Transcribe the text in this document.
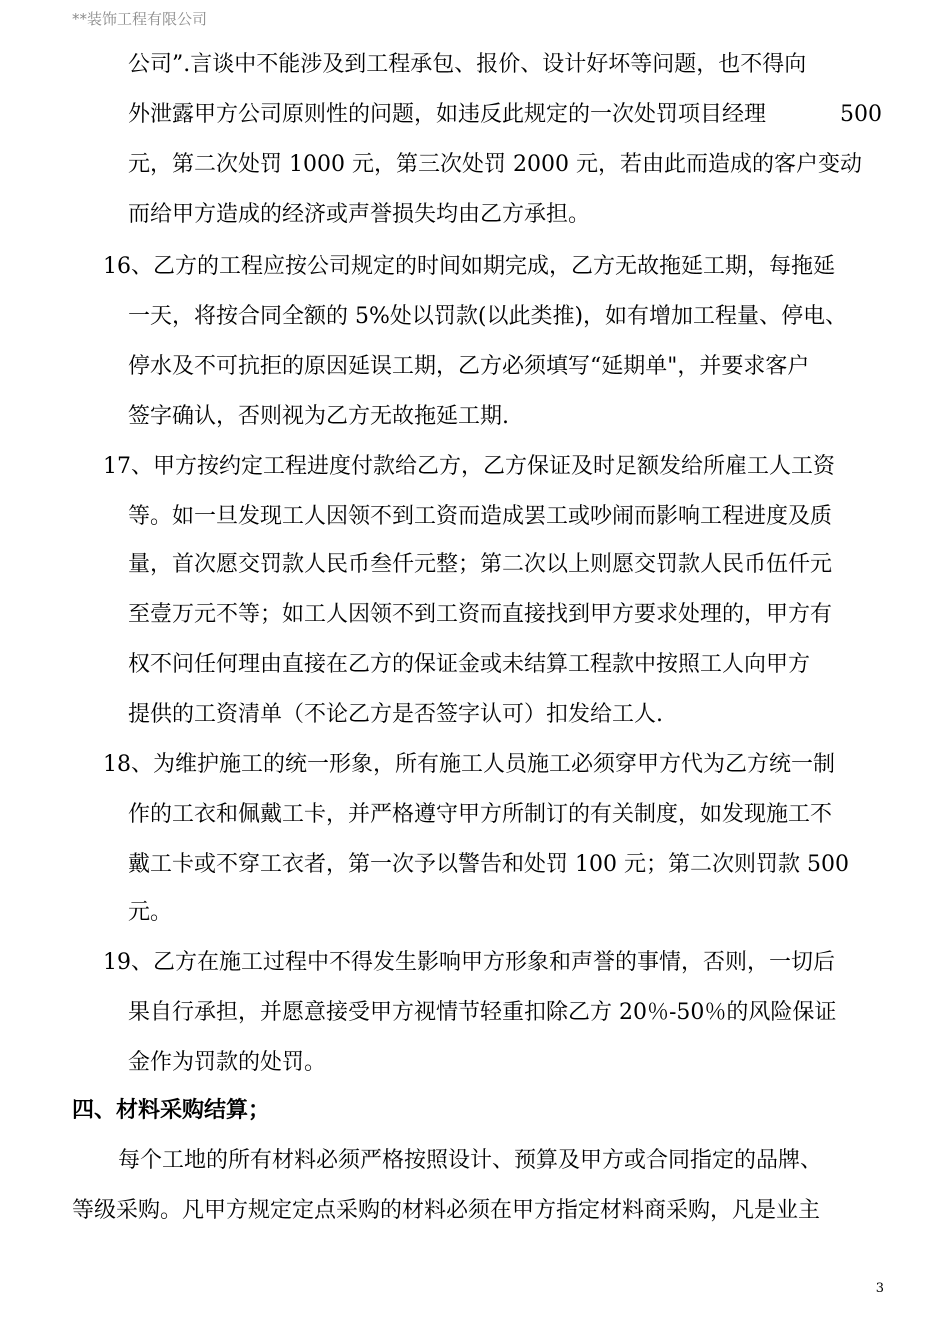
**装饰工程有限公司
公司”.言谈中不能涉及到工程承包、报价、设计好坏等问题，也不得向
外泄露甲方公司原则性的问题，如违反此规定的一次处罚项目经理	500
元，第二次处罚 1000 元，第三次处罚 2000 元，若由此而造成的客户变动
而给甲方造成的经济或声誉损失均由乙方承担。
16、乙方的工程应按公司规定的时间如期完成，乙方无故拖延工期，每拖延
一天，将按合同全额的 5%处以罚款(以此类推)，如有增加工程量、停电、
停水及不可抗拒的原因延误工期，乙方必须填写“延期单"，并要求客户
签字确认，否则视为乙方无故拖延工期.
17、甲方按约定工程进度付款给乙方，乙方保证及时足额发给所雇工人工资
等。如一旦发现工人因领不到工资而造成罢工或吵闹而影响工程进度及质
量，首次愿交罚款人民币叁仟元整；第二次以上则愿交罚款人民币伍仟元
至壹万元不等；如工人因领不到工资而直接找到甲方要求处理的，甲方有
权不问任何理由直接在乙方的保证金或未结算工程款中按照工人向甲方
提供的工资清单（不论乙方是否签字认可）扣发给工人.
18、为维护施工的统一形象，所有施工人员施工必须穿甲方代为乙方统一制
作的工衣和佩戴工卡，并严格遵守甲方所制订的有关制度，如发现施工不
戴工卡或不穿工衣者，第一次予以警告和处罚 100 元；第二次则罚款 500
元。
19、乙方在施工过程中不得发生影响甲方形象和声誉的事情，否则，一切后
果自行承担，并愿意接受甲方视情节轻重扣除乙方 20％-50％的风险保证
金作为罚款的处罚。
四、材料采购结算；
每个工地的所有材料必须严格按照设计、预算及甲方或合同指定的品牌、
等级采购。凡甲方规定定点采购的材料必须在甲方指定材料商采购，凡是业主
3
